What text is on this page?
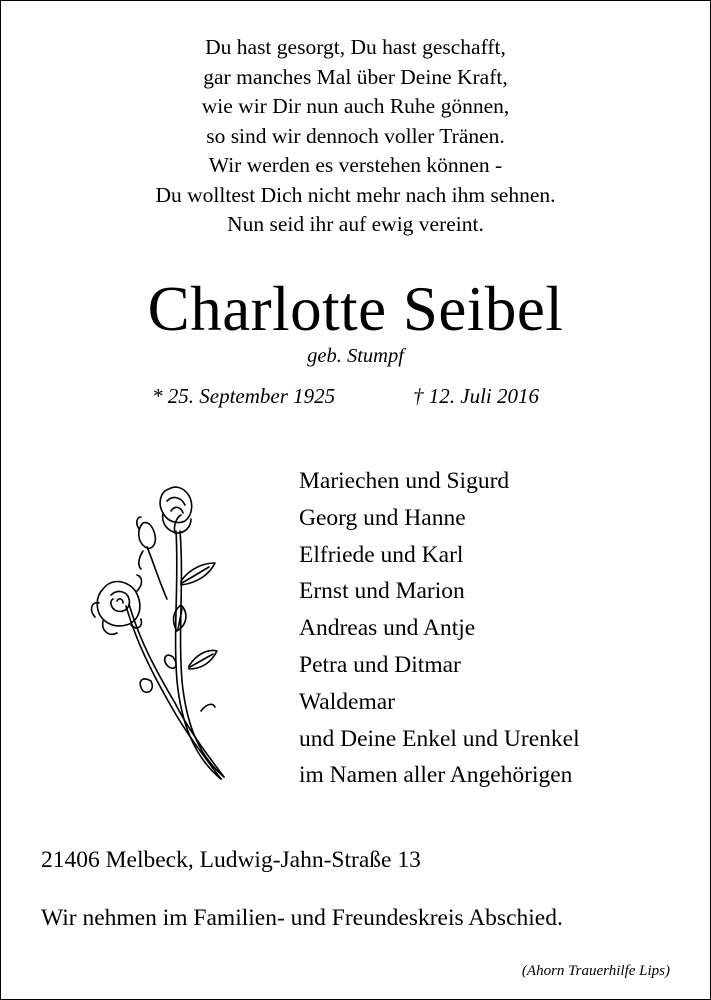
Du hast gesorgt, Du hast geschafft,
gar manches Mal über Deine Kraft,
wie wir Dir nun auch Ruhe gönnen,
so sind wir dennoch voller Tränen.
Wir werden es verstehen können -
Du wolltest Dich nicht mehr nach ihm sehnen.
Nun seid ihr auf ewig vereint.
Charlotte Seibel
geb. Stumpf
* 25. September 1925	† 12. Juli 2016
Mariechen und Sigurd
Georg und Hanne
Elfriede und Karl
Ernst und Marion
Andreas und Antje
Petra und Ditmar
Waldemar
und Deine Enkel und Urenkel
im Namen aller Angehörigen
21406 Melbeck, Ludwig-Jahn-Straße 13
Wir nehmen im Familien- und Freundeskreis Abschied.
(Ahorn Trauerhilfe Lips)
